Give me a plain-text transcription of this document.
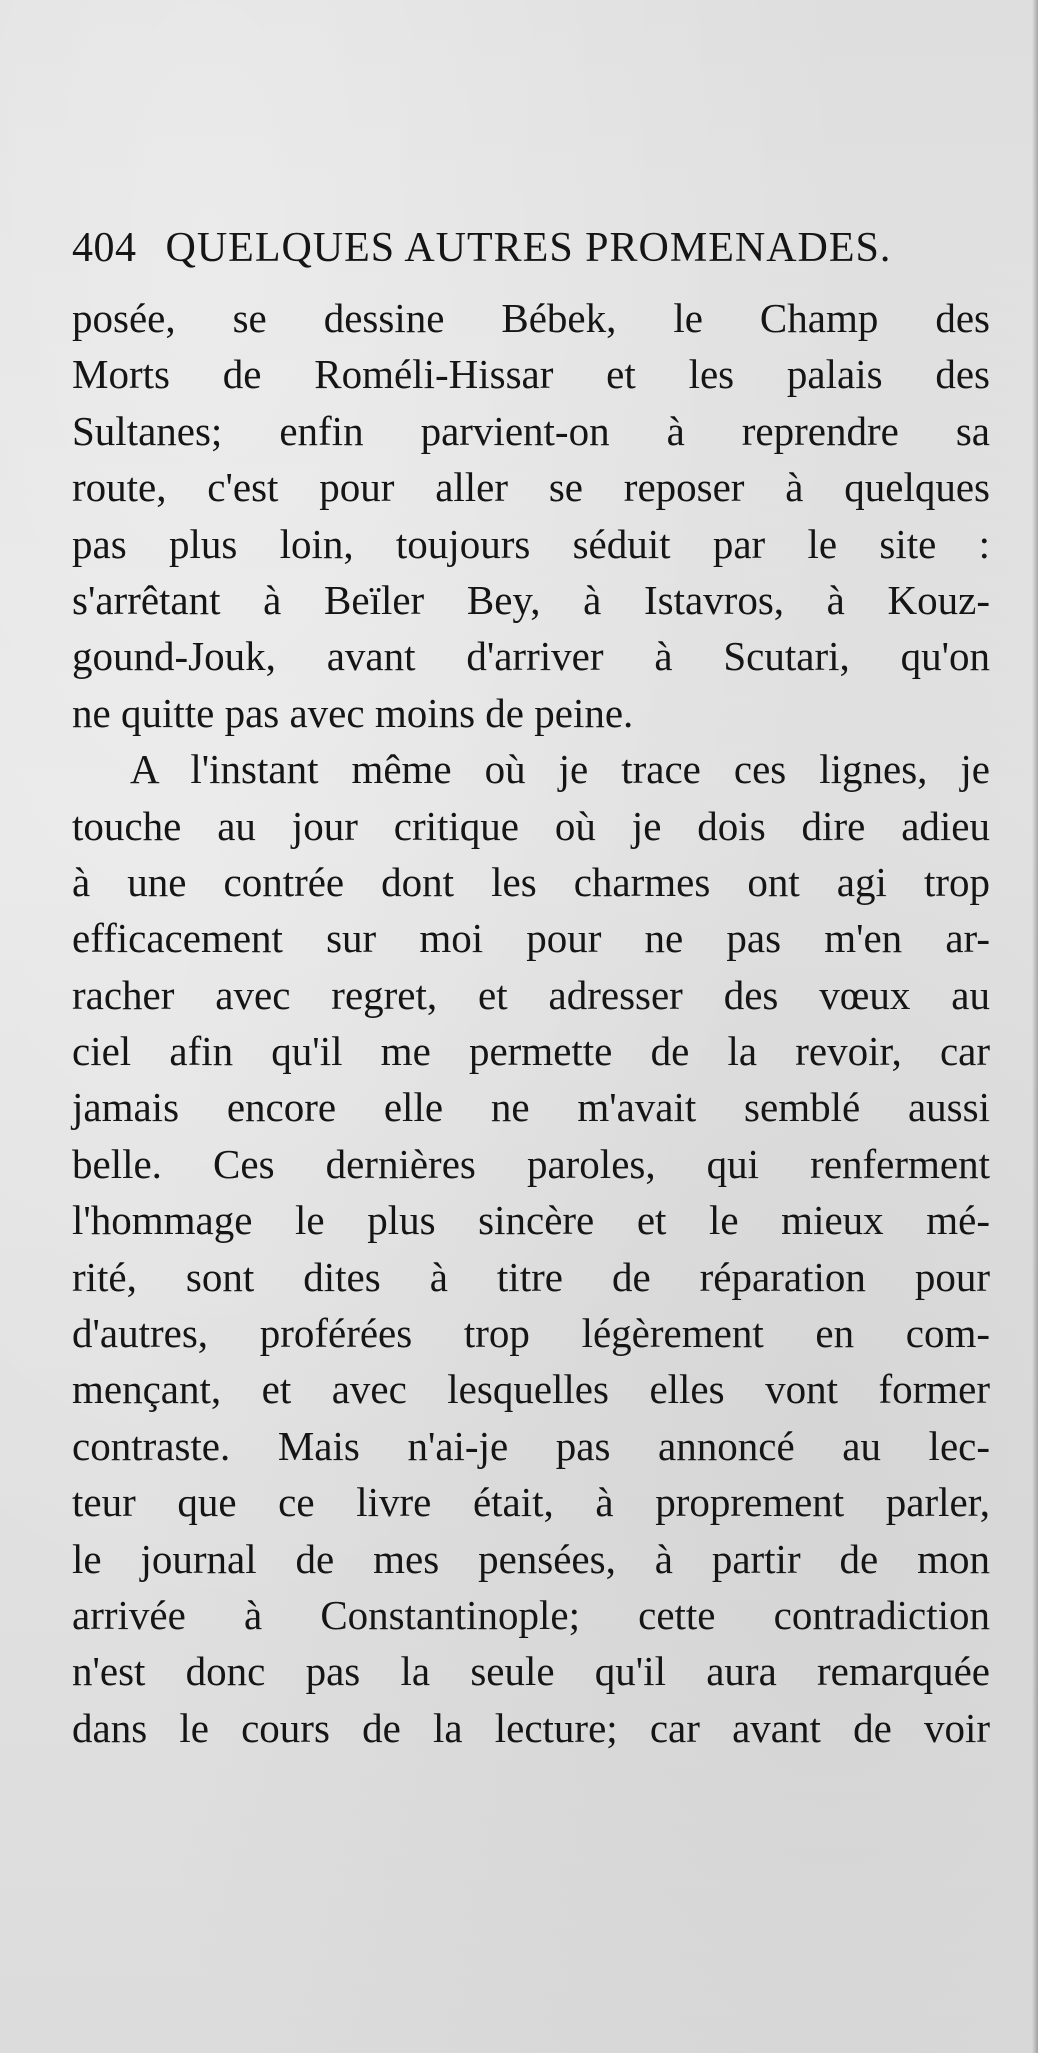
404 QUELQUES AUTRES PROMENADES.
posée, se dessine Bébek, le Champ des
Morts de Roméli-Hissar et les palais des
Sultanes; enfin parvient-on à reprendre sa
route, c'est pour aller se reposer à quelques
pas plus loin, toujours séduit par le site :
s'arrêtant à Beïler Bey, à Istavros, à Kouz-
gound-Jouk, avant d'arriver à Scutari, qu'on
ne quitte pas avec moins de peine.
A l'instant même où je trace ces lignes, je
touche au jour critique où je dois dire adieu
à une contrée dont les charmes ont agi trop
efficacement sur moi pour ne pas m'en ar-
racher avec regret, et adresser des vœux au
ciel afin qu'il me permette de la revoir, car
jamais encore elle ne m'avait semblé aussi
belle. Ces dernières paroles, qui renferment
l'hommage le plus sincère et le mieux mé-
rité, sont dites à titre de réparation pour
d'autres, proférées trop légèrement en com-
mençant, et avec lesquelles elles vont former
contraste. Mais n'ai-je pas annoncé au lec-
teur que ce livre était, à proprement parler,
le journal de mes pensées, à partir de mon
arrivée à Constantinople; cette contradiction
n'est donc pas la seule qu'il aura remarquée
dans le cours de la lecture; car avant de voir
